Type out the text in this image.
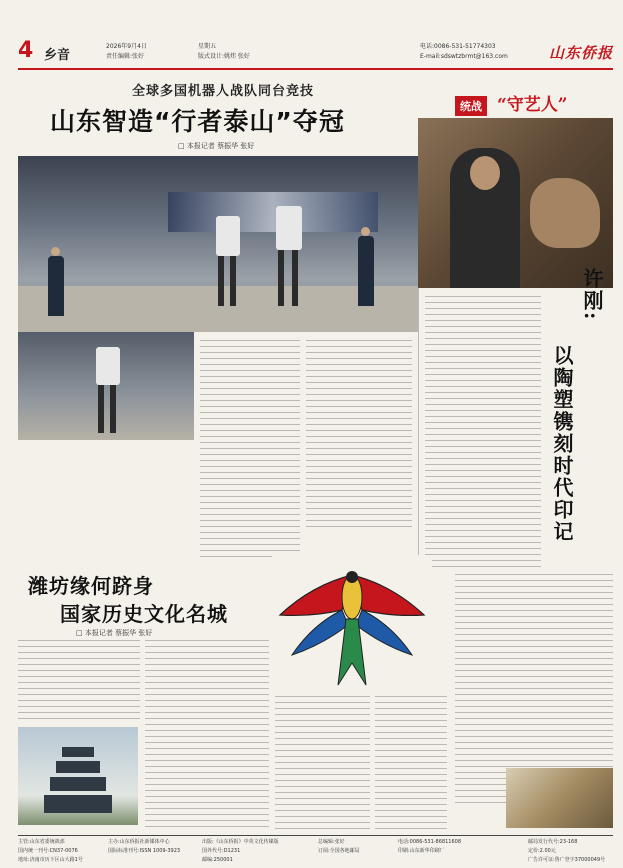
4 乡音
2026年9月4日
责任编辑:张好
星期五
版式设计:姚炜 张好
电话:0086-531-51774303
E-mail:sdswtzbrmt@163.com	山东侨报
全球多国机器人战队同台竞技
山东智造“行者泰山”夺冠
□ 本报记者 蔡振华 张好
统战 “守艺人”
许刚:
以陶塑镌刻时代印记
潍坊缘何跻身
国家历史文化名城
□ 本报记者 蔡振华 张好
主管:山东省委统战部	主办:山东侨报社新媒体中心	出版:《山东侨报》中英文化传媒版	总编辑:张好	电话:0086-531-86811608	邮局发行代号:23-168
国内统一刊号:CN37-0076	国际标准刊号:ISSN 1009-3923	国外代号:D1231	订阅:全国各地邮局	印刷:山东新华印刷厂	定价:2.00元
地址:济南市历下区山大路1号	邮编:250001	广告许可证:鲁广登字37000049号
